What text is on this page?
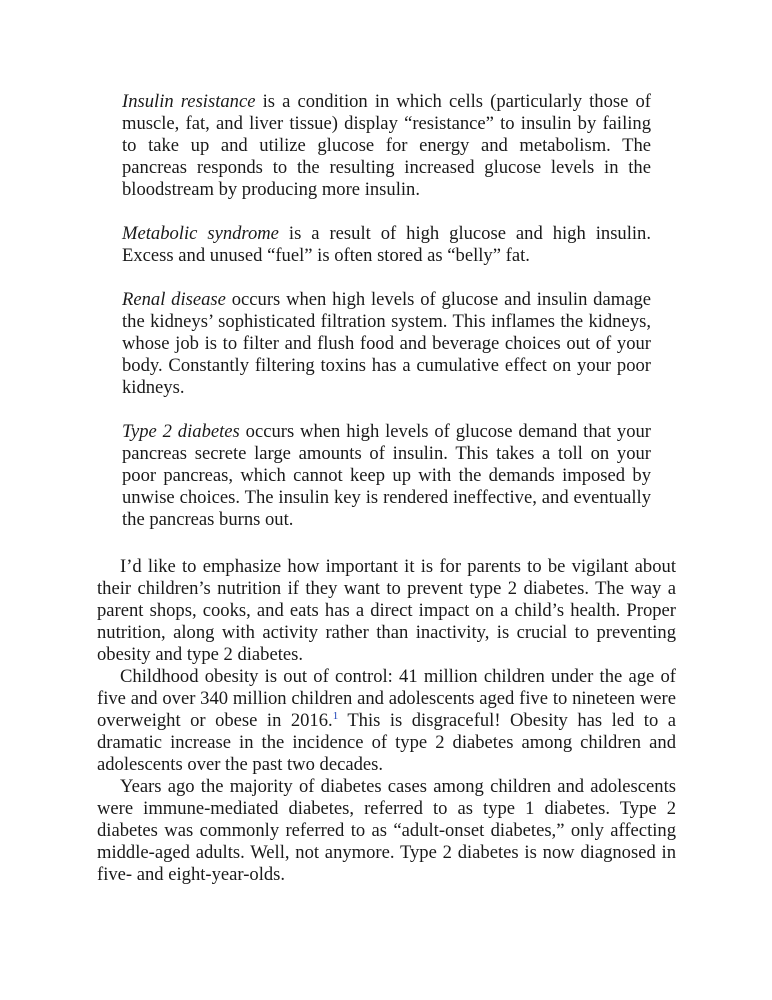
Insulin resistance is a condition in which cells (particularly those of muscle, fat, and liver tissue) display “resistance” to insulin by failing to take up and utilize glucose for energy and metabolism. The pancreas responds to the resulting increased glucose levels in the bloodstream by producing more insulin.

Metabolic syndrome is a result of high glucose and high insulin. Excess and unused “fuel” is often stored as “belly” fat.

Renal disease occurs when high levels of glucose and insulin damage the kidneys’ sophisticated filtration system. This inflames the kidneys, whose job is to filter and flush food and beverage choices out of your body. Constantly filtering toxins has a cumulative effect on your poor kidneys.

Type 2 diabetes occurs when high levels of glucose demand that your pancreas secrete large amounts of insulin. This takes a toll on your poor pancreas, which cannot keep up with the demands imposed by unwise choices. The insulin key is rendered ineffective, and eventually the pancreas burns out.

I’d like to emphasize how important it is for parents to be vigilant about their children’s nutrition if they want to prevent type 2 diabetes. The way a parent shops, cooks, and eats has a direct impact on a child’s health. Proper nutrition, along with activity rather than inactivity, is crucial to preventing obesity and type 2 diabetes.

Childhood obesity is out of control: 41 million children under the age of five and over 340 million children and adolescents aged five to nineteen were overweight or obese in 2016.$^1$ This is disgraceful! Obesity has led to a dramatic increase in the incidence of type 2 diabetes among children and adolescents over the past two decades.

Years ago the majority of diabetes cases among children and adolescents were immune-mediated diabetes, referred to as type 1 diabetes. Type 2 diabetes was commonly referred to as “adult-onset diabetes,” only affecting middle-aged adults. Well, not anymore. Type 2 diabetes is now diagnosed in five- and eight-year-olds.
